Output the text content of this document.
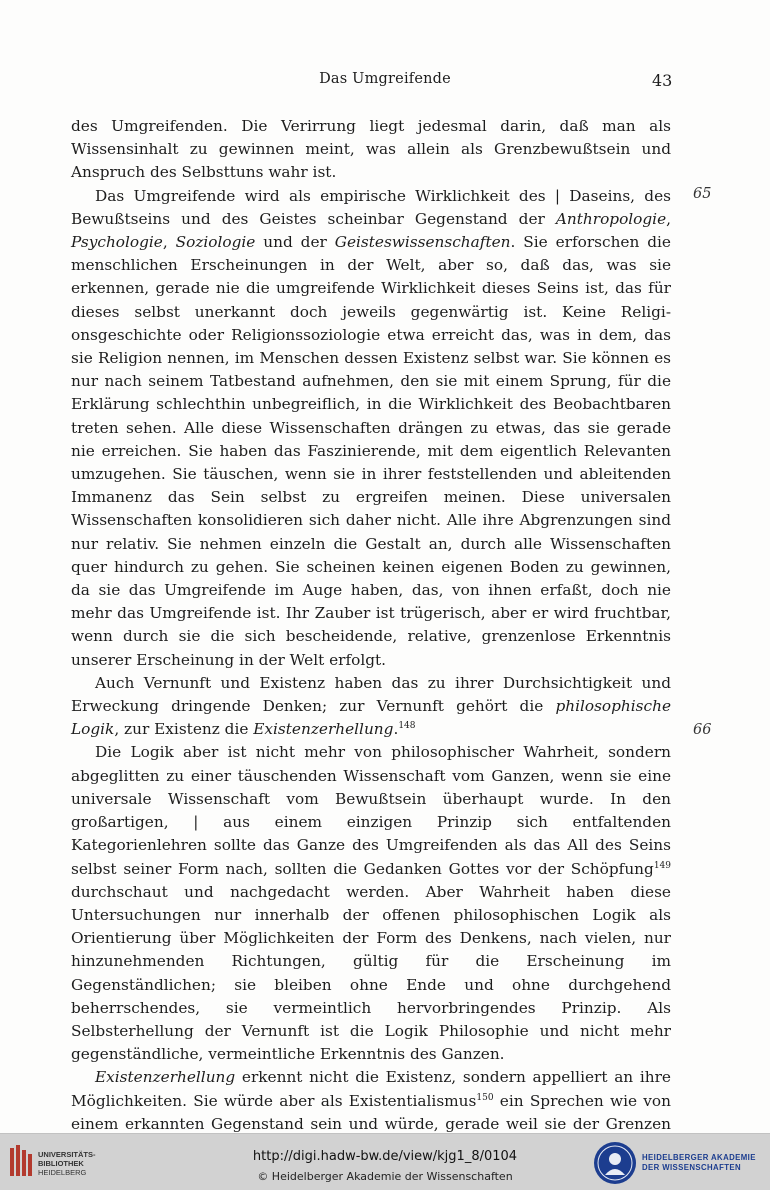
Das Umgreifende	43
65
66

des Umgreifenden. Die Verirrung liegt jedesmal darin, daß man als Wissensinhalt zu gewinnen meint, was allein als Grenzbewußtsein und Anspruch des Selbsttuns wahr ist.

Das Umgreifende wird als empirische Wirklichkeit des | Daseins, des Bewußtseins und des Geistes scheinbar Gegenstand der Anthropologie, Psychologie, Soziologie und der Geisteswissenschaften. Sie erforschen die menschlichen Erscheinungen in der Welt, aber so, daß das, was sie erkennen, gerade nie die umgreifende Wirklichkeit dieses Seins ist, das für dieses selbst unerkannt doch jeweils gegenwärtig ist. Keine Religionsgeschichte oder Religionssoziologie etwa erreicht das, was in dem, das sie Religion nennen, im Menschen dessen Existenz selbst war. Sie können es nur nach seinem Tatbestand aufnehmen, den sie mit einem Sprung, für die Erklärung schlechthin unbegreiflich, in die Wirklichkeit des Beobachtbaren treten sehen. Alle diese Wissenschaften drängen zu etwas, das sie gerade nie erreichen. Sie haben das Faszinierende, mit dem eigentlich Relevanten umzugehen. Sie täuschen, wenn sie in ihrer feststellenden und ableitenden Immanenz das Sein selbst zu ergreifen meinen. Diese universalen Wissenschaften konsolidieren sich daher nicht. Alle ihre Abgrenzungen sind nur relativ. Sie nehmen einzeln die Gestalt an, durch alle Wissenschaften quer hindurch zu gehen. Sie scheinen keinen eigenen Boden zu gewinnen, da sie das Umgreifende im Auge haben, das, von ihnen erfaßt, doch nie mehr das Umgreifende ist. Ihr Zauber ist trügerisch, aber er wird fruchtbar, wenn durch sie die sich bescheidende, relative, grenzenlose Erkenntnis unserer Erscheinung in der Welt erfolgt.

Auch Vernunft und Existenz haben das zu ihrer Durchsichtigkeit und Erweckung dringende Denken; zur Vernunft gehört die philosophische Logik, zur Existenz die Existenzerhellung.$^{148}$

Die Logik aber ist nicht mehr von philosophischer Wahrheit, sondern abgeglitten zu einer täuschenden Wissenschaft vom Ganzen, wenn sie eine universale Wissenschaft vom Bewußtsein überhaupt wurde. In den großartigen, | aus einem einzigen Prinzip sich entfaltenden Kategorienlehren sollte das Ganze des Umgreifenden als das All des Seins selbst seiner Form nach, sollten die Gedanken Gottes vor der Schöpfung$^{149}$ durchschaut und nachgedacht werden. Aber Wahrheit haben diese Untersuchungen nur innerhalb der offenen philosophischen Logik als Orientierung über Möglichkeiten der Form des Denkens, nach vielen, nur hinzunehmenden Richtungen, gültig für die Erscheinung im Gegenständlichen; sie bleiben ohne Ende und ohne durchgehend beherrschendes, sie vermeintlich hervorbringendes Prinzip. Als Selbsterhellung der Vernunft ist die Logik Philosophie und nicht mehr gegenständliche, vermeintliche Erkenntnis des Ganzen.

Existenzerhellung erkennt nicht die Existenz, sondern appelliert an ihre Möglichkeiten. Sie würde aber als Existentialismus$^{150}$ ein Sprechen wie von einem erkannten Gegenstand sein und würde, gerade weil sie der Grenzen

UNIVERSITÄTS-
BIBLIOTHEK
HEIDELBERG
http://digi.hadw-bw.de/view/kjg1_8/0104
© Heidelberger Akademie der Wissenschaften
HEIDELBERGER AKADEMIE
DER WISSENSCHAFTEN
